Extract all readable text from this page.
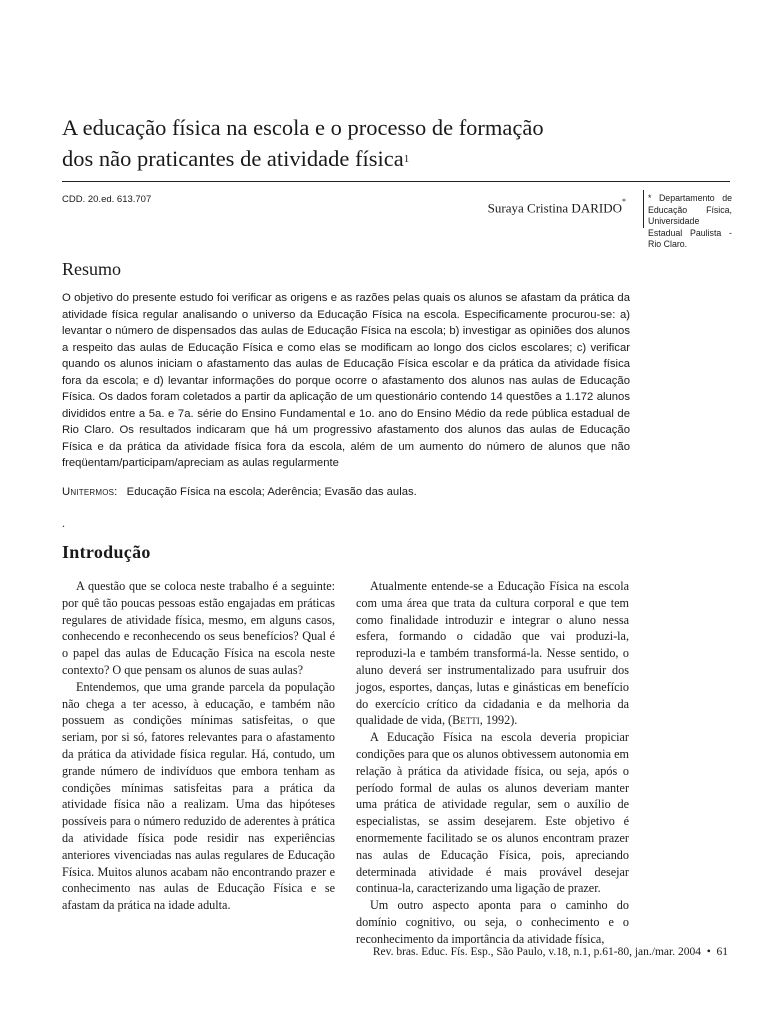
A educação física na escola e o processo de formação
dos não praticantes de atividade física$^1$
CDD. 20.ed. 613.707
Suraya Cristina DARIDO*	* Departamento de Educação Física, Universidade Estadual Paulista - Rio Claro.
Resumo
O objetivo do presente estudo foi verificar as origens e as razões pelas quais os alunos se afastam da prática da atividade física regular analisando o universo da Educação Física na escola. Especificamente procurou-se: a) levantar o número de dispensados das aulas de Educação Física na escola; b) investigar as opiniões dos alunos a respeito das aulas de Educação Física e como elas se modificam ao longo dos ciclos escolares; c) verificar quando os alunos iniciam o afastamento das aulas de Educação Física escolar e da prática da atividade física fora da escola; e d) levantar informações do porque ocorre o afastamento dos alunos nas aulas de Educação Física. Os dados foram coletados a partir da aplicação de um questionário contendo 14 questões a 1.172 alunos divididos entre a 5a. e 7a. série do Ensino Fundamental e 1o. ano do Ensino Médio da rede pública estadual de Rio Claro. Os resultados indicaram que há um progressivo afastamento dos alunos das aulas de Educação Física e da prática da atividade física fora da escola, além de um aumento do número de alunos que não freqüentam/participam/apreciam as aulas regularmente
Unitermos: Educação Física na escola; Aderência; Evasão das aulas.
.
Introdução

A questão que se coloca neste trabalho é a seguinte: por quê tão poucas pessoas estão engajadas em práticas regulares de atividade física, mesmo, em alguns casos, conhecendo e reconhecendo os seus benefícios? Qual é o papel das aulas de Educação Física na escola neste contexto? O que pensam os alunos de suas aulas?

Entendemos, que uma grande parcela da população não chega a ter acesso, à educação, e também não possuem as condições mínimas satisfeitas, o que seriam, por si só, fatores relevantes para o afastamento da prática da atividade física regular. Há, contudo, um grande número de indivíduos que embora tenham as condições mínimas satisfeitas para a prática da atividade física não a realizam. Uma das hipóteses possíveis para o número reduzido de aderentes à prática da atividade física pode residir nas experiências anteriores vivenciadas nas aulas regulares de Educação Física. Muitos alunos acabam não encontrando prazer e conhecimento nas aulas de Educação Física e se afastam da prática na idade adulta.

Atualmente entende-se a Educação Física na escola com uma área que trata da cultura corporal e que tem como finalidade introduzir e integrar o aluno nessa esfera, formando o cidadão que vai produzi-la, reproduzi-la e também transformá-la. Nesse sentido, o aluno deverá ser instrumentalizado para usufruir dos jogos, esportes, danças, lutas e ginásticas em benefício do exercício crítico da cidadania e da melhoria da qualidade de vida, (Betti, 1992).

A Educação Física na escola deveria propiciar condições para que os alunos obtivessem autonomia em relação à prática da atividade física, ou seja, após o período formal de aulas os alunos deveriam manter uma prática de atividade regular, sem o auxílio de especialistas, se assim desejarem. Este objetivo é enormemente facilitado se os alunos encontram prazer nas aulas de Educação Física, pois, apreciando determinada atividade é mais provável desejar continua-la, caracterizando uma ligação de prazer.

Um outro aspecto aponta para o caminho do domínio cognitivo, ou seja, o conhecimento e o reconhecimento da importância da atividade física,

Rev. bras. Educ. Fís. Esp., São Paulo, v.18, n.1, p.61-80, jan./mar. 2004 • 61
